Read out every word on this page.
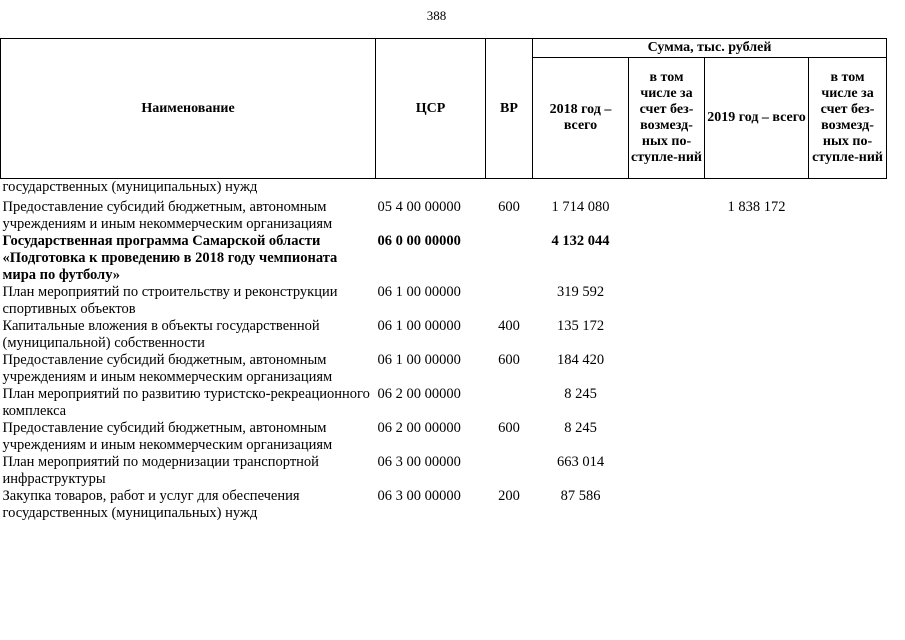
388
Наименование	ЦСР	ВР	Сумма, тыс. рублей			
			2018 год – всего	в том числе за счет без-возмезд-ных по-ступле-ний	2019 год – всего	в том числе за счет без-возмезд-ных по-ступле-ний
государственных (муниципальных) нужд						
Предоставление субсидий бюджетным, автономным учреждениям и иным некоммерческим организациям	05 4 00 00000	600	1 714 080		1 838 172	
Государственная программа Самарской области «Подготовка к проведению в 2018 году чемпионата мира по футболу»	06 0 00 00000		4 132 044			
План мероприятий по строительству и реконструкции спортивных объектов	06 1 00 00000		319 592			
Капитальные вложения в объекты государственной (муниципальной) собственности	06 1 00 00000	400	135 172			
Предоставление субсидий бюджетным, автономным учреждениям и иным некоммерческим организациям	06 1 00 00000	600	184 420			
План мероприятий по развитию туристско-рекреационного комплекса	06 2 00 00000		8 245			
Предоставление субсидий бюджетным, автономным учреждениям и иным некоммерческим организациям	06 2 00 00000	600	8 245			
План мероприятий по модернизации транспортной инфраструктуры	06 3 00 00000		663 014			
Закупка товаров, работ и услуг для обеспечения государственных (муниципальных) нужд	06 3 00 00000	200	87 586			
